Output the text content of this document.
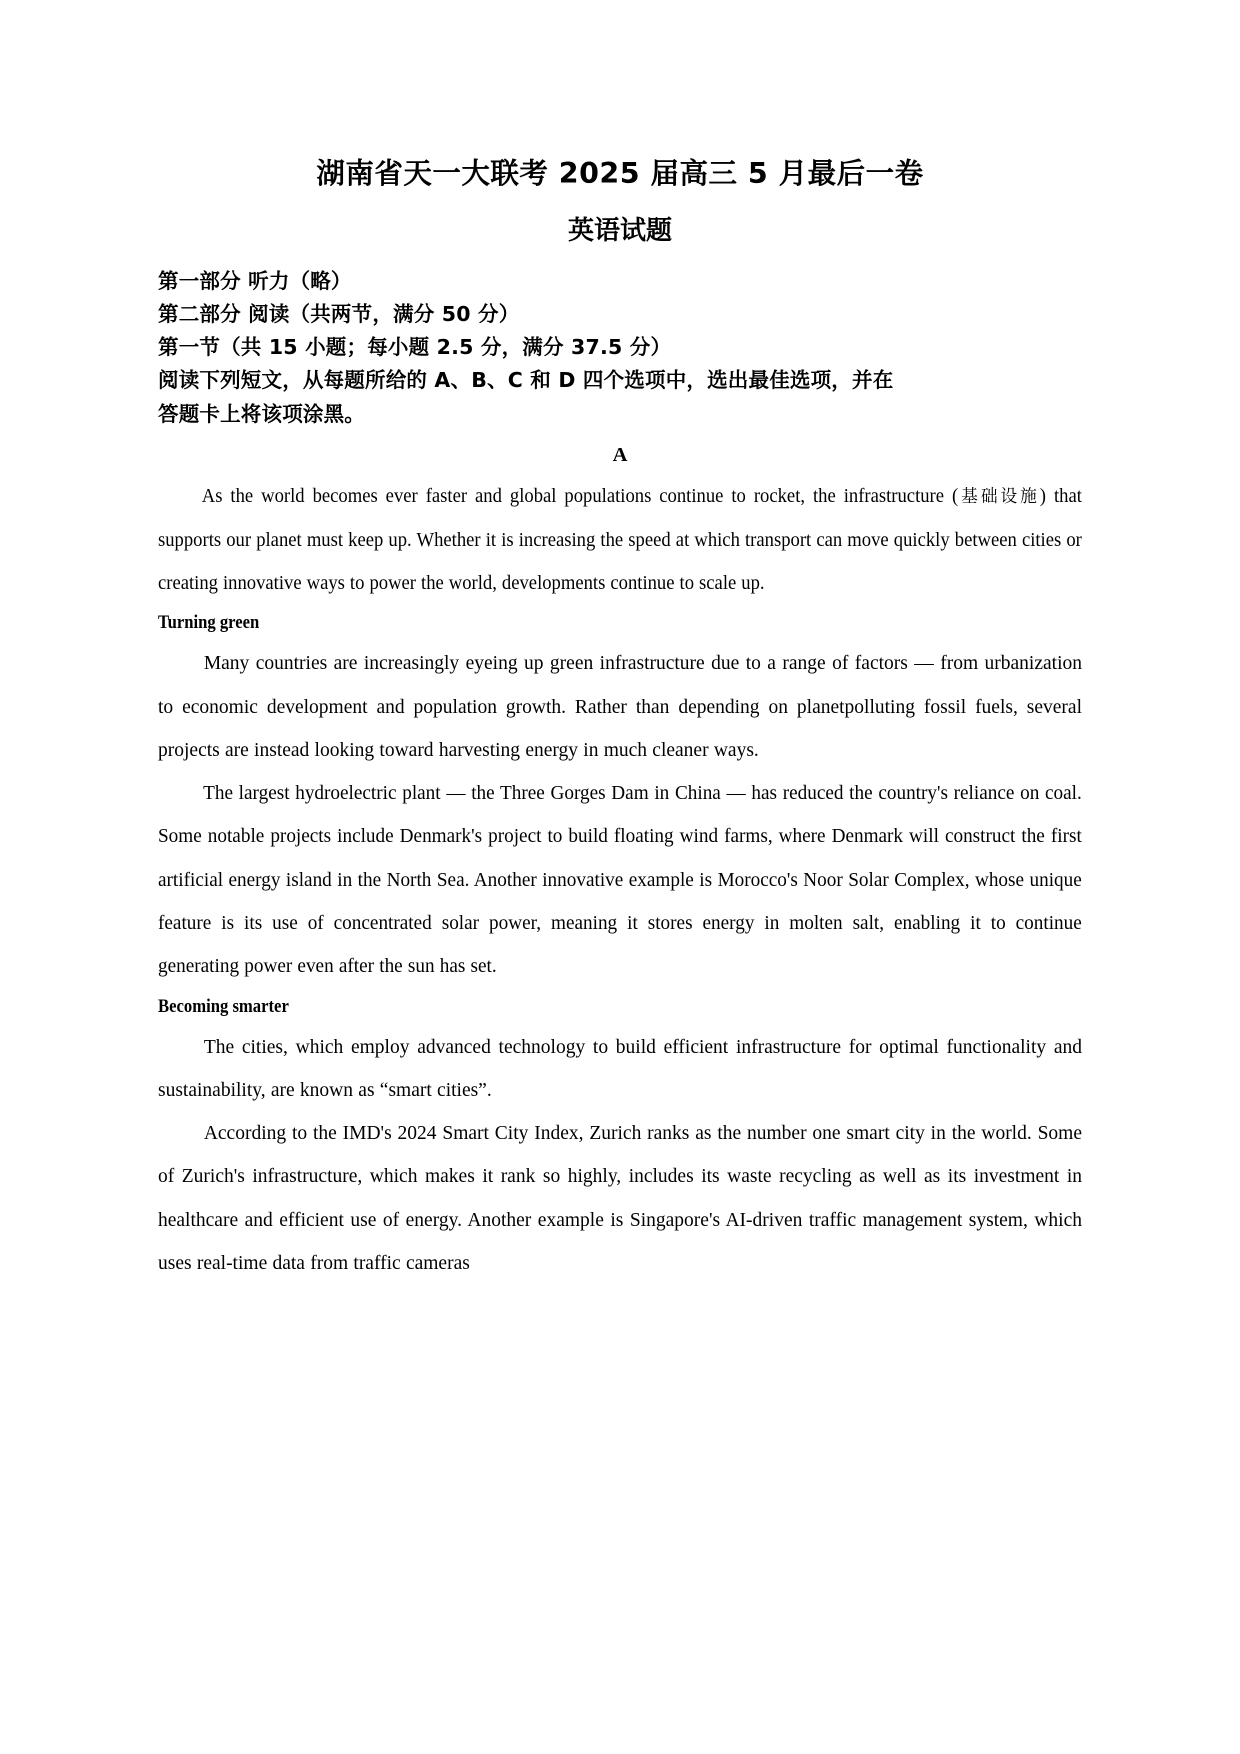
湖南省天一大联考 2025 届高三 5 月最后一卷
英语试题

第一部分 听力（略）

第二部分 阅读（共两节，满分 50 分）

第一节（共 15 小题；每小题 2.5 分，满分 37.5 分）

阅读下列短文，从每题所给的 A、B、C 和 D 四个选项中，选出最佳选项，并在

答题卡上将该项涂黑。

A

As the world becomes ever faster and global populations continue to rocket, the infrastructure (基础设施) that supports our planet must keep up. Whether it is increasing the speed at which transport can move quickly between cities or creating innovative ways to power the world, developments continue to scale up.

Turning green

Many countries are increasingly eyeing up green infrastructure due to a range of factors — from urbanization to economic development and population growth. Rather than depending on planetpolluting fossil fuels, several projects are instead looking toward harvesting energy in much cleaner ways.

The largest hydroelectric plant — the Three Gorges Dam in China — has reduced the country's reliance on coal. Some notable projects include Denmark's project to build floating wind farms, where Denmark will construct the first artificial energy island in the North Sea. Another innovative example is Morocco's Noor Solar Complex, whose unique feature is its use of concentrated solar power, meaning it stores energy in molten salt, enabling it to continue generating power even after the sun has set.

Becoming smarter

The cities, which employ advanced technology to build efficient infrastructure for optimal functionality and sustainability, are known as “smart cities”.

According to the IMD's 2024 Smart City Index, Zurich ranks as the number one smart city in the world. Some of Zurich's infrastructure, which makes it rank so highly, includes its waste recycling as well as its investment in healthcare and efficient use of energy. Another example is Singapore's AI-driven traffic management system, which uses real-time data from traffic cameras
